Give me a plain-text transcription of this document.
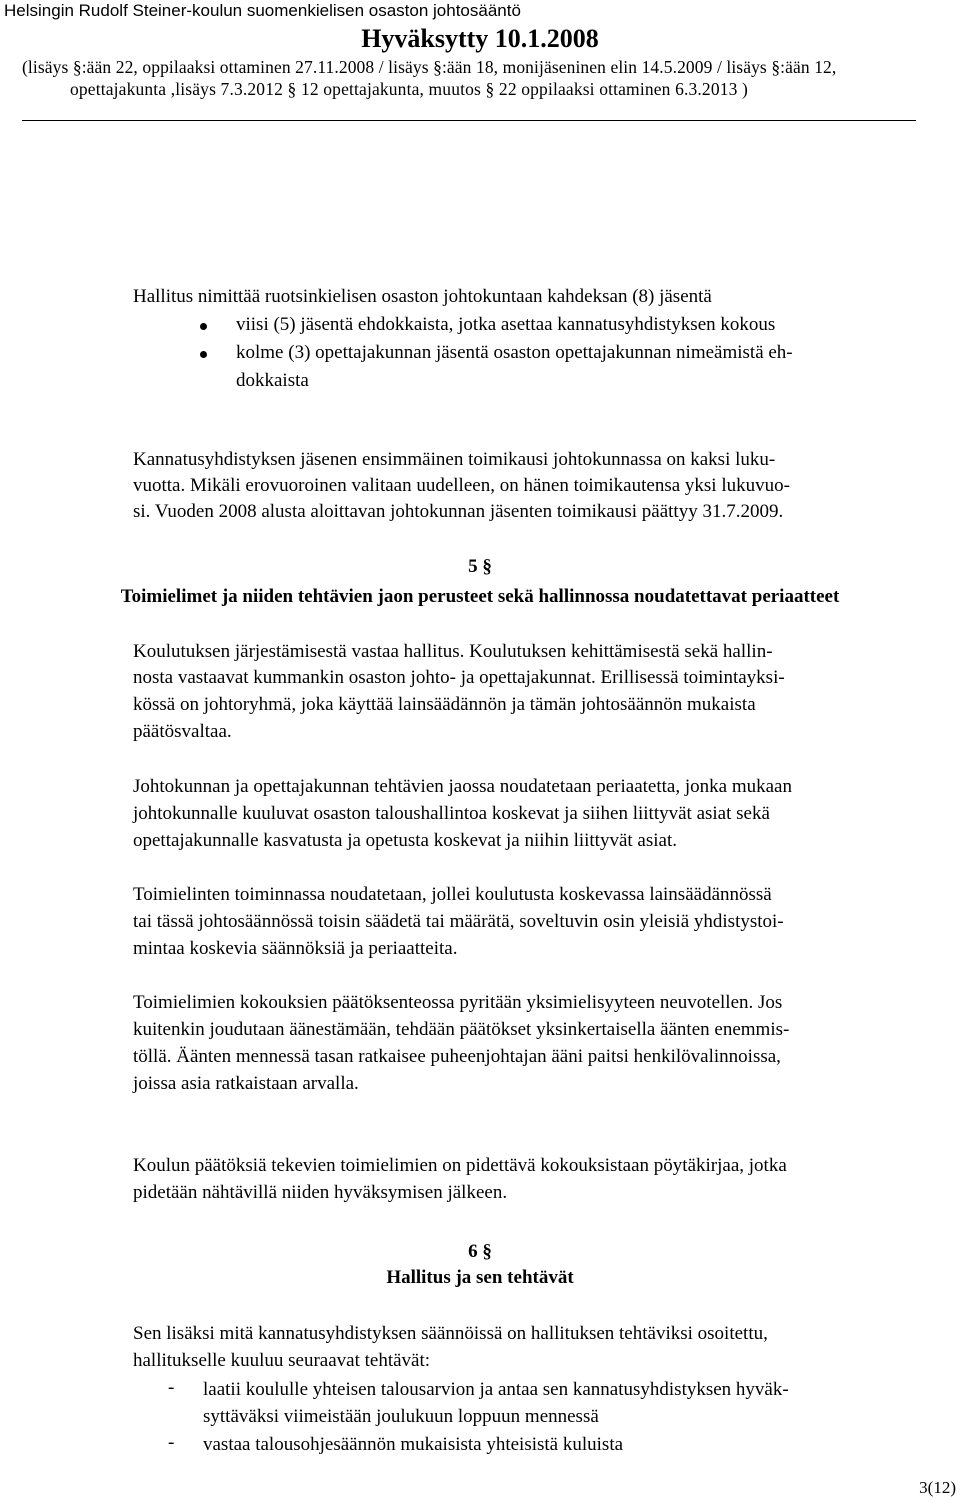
Helsingin Rudolf Steiner-koulun suomenkielisen osaston johtosääntö
Hyväksytty 10.1.2008
(lisäys §:ään 22, oppilaaksi ottaminen 27.11.2008 / lisäys §:ään 18, monijäseninen elin 14.5.2009 / lisäys §:ään 12,
opettajakunta ,lisäys 7.3.2012 § 12 opettajakunta, muutos § 22 oppilaaksi ottaminen 6.3.2013 )
Hallitus nimittää ruotsinkielisen osaston johtokuntaan kahdeksan (8) jäsentä
viisi (5) jäsentä ehdokkaista, jotka asettaa kannatusyhdistyksen kokous
kolme (3) opettajakunnan jäsentä osaston opettajakunnan nimeämistä eh-
dokkaista
Kannatusyhdistyksen jäsenen ensimmäinen toimikausi johtokunnassa on kaksi luku-
vuotta. Mikäli erovuoroinen valitaan uudelleen, on hänen toimikautensa yksi lukuvuo-
si. Vuoden 2008 alusta aloittavan johtokunnan jäsenten toimikausi päättyy 31.7.2009.
5 §
Toimielimet ja niiden tehtävien jaon perusteet sekä hallinnossa noudatettavat periaatteet
Koulutuksen järjestämisestä vastaa hallitus. Koulutuksen kehittämisestä sekä hallin-
nosta vastaavat kummankin osaston johto- ja opettajakunnat. Erillisessä toimintayksi-
kössä on johtoryhmä, joka käyttää lainsäädännön ja tämän johtosäännön mukaista
päätösvaltaa.
Johtokunnan ja opettajakunnan tehtävien jaossa noudatetaan periaatetta, jonka mukaan
johtokunnalle kuuluvat osaston taloushallintoa koskevat ja siihen liittyvät asiat sekä
opettajakunnalle kasvatusta ja opetusta koskevat ja niihin liittyvät asiat.
Toimielinten toiminnassa noudatetaan, jollei koulutusta koskevassa lainsäädännössä
tai tässä johtosäännössä toisin säädetä tai määrätä, soveltuvin osin yleisiä yhdistystoi-
mintaa koskevia säännöksiä ja periaatteita.
Toimielimien kokouksien päätöksenteossa pyritään yksimielisyyteen neuvotellen. Jos
kuitenkin joudutaan äänestämään, tehdään päätökset yksinkertaisella äänten enemmis-
töllä. Äänten mennessä tasan ratkaisee puheenjohtajan ääni paitsi henkilövalinnoissa,
joissa asia ratkaistaan arvalla.
Koulun päätöksiä tekevien toimielimien on pidettävä kokouksistaan pöytäkirjaa, jotka
pidetään nähtävillä niiden hyväksymisen jälkeen.
6 §
Hallitus ja sen tehtävät
Sen lisäksi mitä kannatusyhdistyksen säännöissä on hallituksen tehtäviksi osoitettu,
hallitukselle kuuluu seuraavat tehtävät:
- laatii koululle yhteisen talousarvion ja antaa sen kannatusyhdistyksen hyväk-
syttäväksi viimeistään joulukuun loppuun mennessä
- vastaa talousohjesäännön mukaisista yhteisistä kuluista
3(12)
